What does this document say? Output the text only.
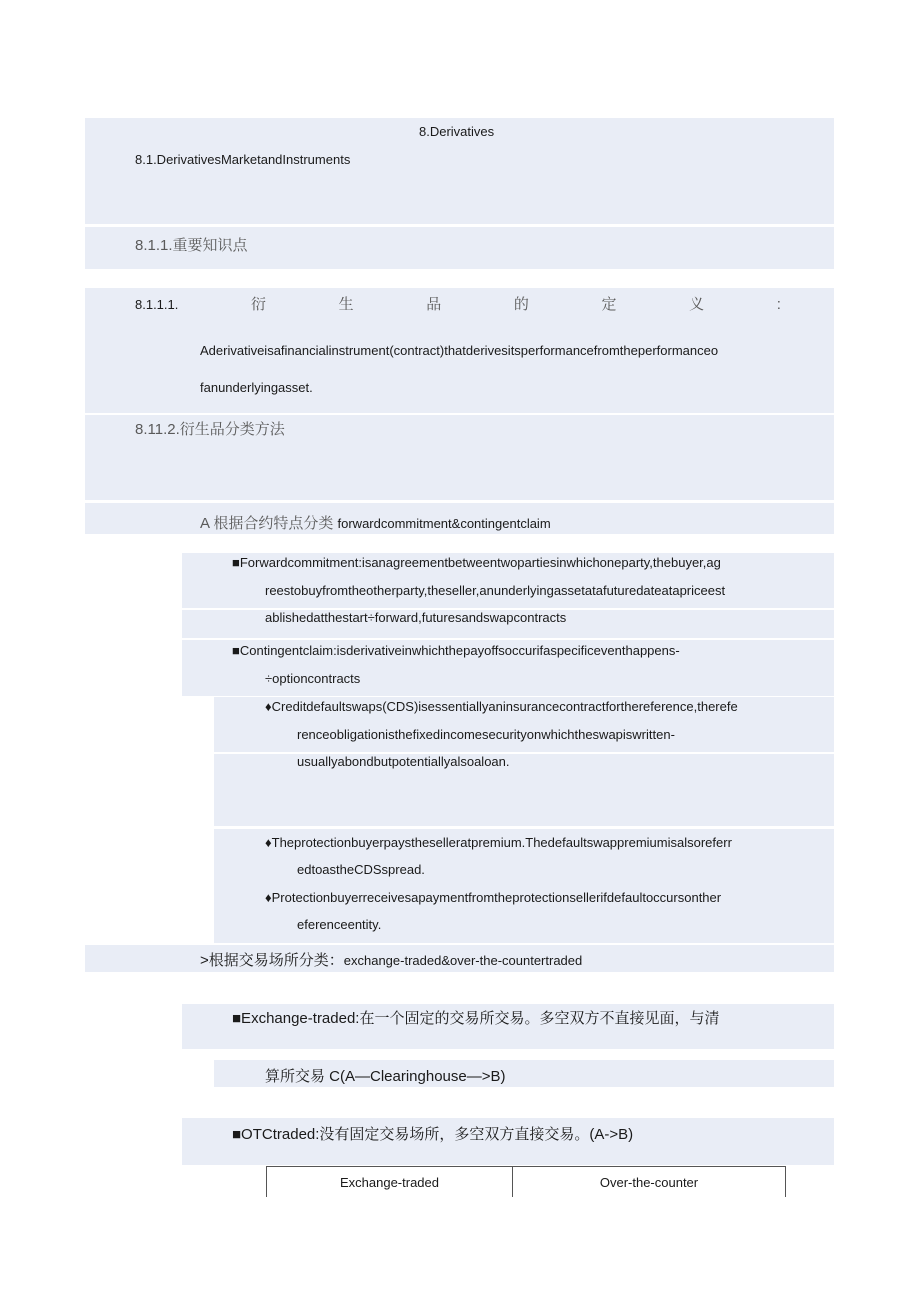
8.Derivatives
8.1.DerivativesMarketandInstruments
8.1.1.重要知识点
8.1.1.1.	衍	生	品	的	定	义	:
Aderivativeisafinancialinstrument(contract)thatderivesitsperformancefromtheperformanceo
fanunderlyingasset.
8.11.2.衍生品分类方法
A 根据合约特点分类 forwardcommitment&contingentclaim
■Forwardcommitment:isanagreementbetweentwopartiesinwhichoneparty,thebuyer,ag
reestobuyfromtheotherparty,theseller,anunderlyingassetatafuturedateatapriceest
ablishedatthestart÷forward,futuresandswapcontracts
■Contingentclaim:isderivativeinwhichthepayoffsoccurifaspecificeventhappens-
÷optioncontracts
♦Creditdefaultswaps(CDS)isessentiallyaninsurancecontractforthereference,therefe
renceobligationisthefixedincomesecurityonwhichtheswapiswritten-
usuallyabondbutpotentiallyalsoaloan.
♦Theprotectionbuyerpaystheselleratpremium.Thedefaultswappremiumisalsoreferr
edtoastheCDSspread.
♦Protectionbuyerreceivesapaymentfromtheprotectionsellerifdefaultoccursonther
eferenceentity.
>根据交易场所分类：exchange-traded&over-the-countertraded
■Exchange-traded:在一个固定的交易所交易。多空双方不直接见面，与清
算所交易 C(A—Clearinghouse—>B)
■OTCtraded:没有固定交易场所，多空双方直接交易。(A->B)
Exchange-traded	Over-the-counter
